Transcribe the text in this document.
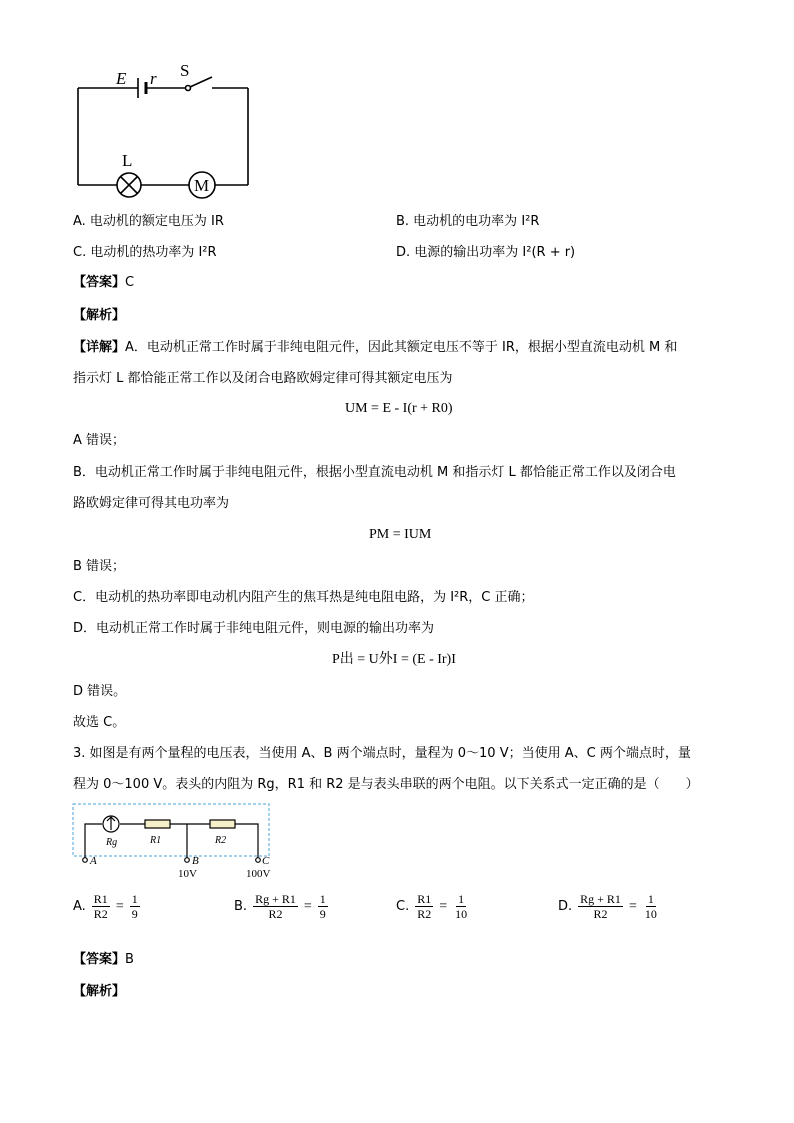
E r S
L
M
A. 电动机的额定电压为 IR	B. 电动机的电功率为 I²R
C. 电动机的热功率为 I²R	D. 电源的输出功率为 I²(R + r)
【答案】C
【解析】
【详解】A．电动机正常工作时属于非纯电阻元件，因此其额定电压不等于 IR，根据小型直流电动机 M 和
指示灯 L 都恰能正常工作以及闭合电路欧姆定律可得其额定电压为
UM = E - I(r + R0)
A 错误；
B．电动机正常工作时属于非纯电阻元件，根据小型直流电动机 M 和指示灯 L 都恰能正常工作以及闭合电
路欧姆定律可得其电功率为
PM = IUM
B 错误；
C．电动机的热功率即电动机内阻产生的焦耳热是纯电阻电路，为 I²R，C 正确；
D．电动机正常工作时属于非纯电阻元件，则电源的输出功率为
P出 = U外I = (E - Ir)I
D 错误。
故选 C。
3. 如图是有两个量程的电压表，当使用 A、B 两个端点时，量程为 0～10 V；当使用 A、C 两个端点时，量
程为 0～100 V。表头的内阻为 Rg，R1 和 R2 是与表头串联的两个电阻。以下关系式一定正确的是（　　）
Rg	R1	R2
A	B	C
10V	100V
A. $\frac{R1}{R2} = \frac{1}{9}$	B. $\frac{Rg + R1}{R2} = \frac{1}{9}$	C. $\frac{R1}{R2} = \frac{1}{10}$	D. $\frac{Rg + R1}{R2} = \frac{1}{10}$
【答案】B
【解析】
